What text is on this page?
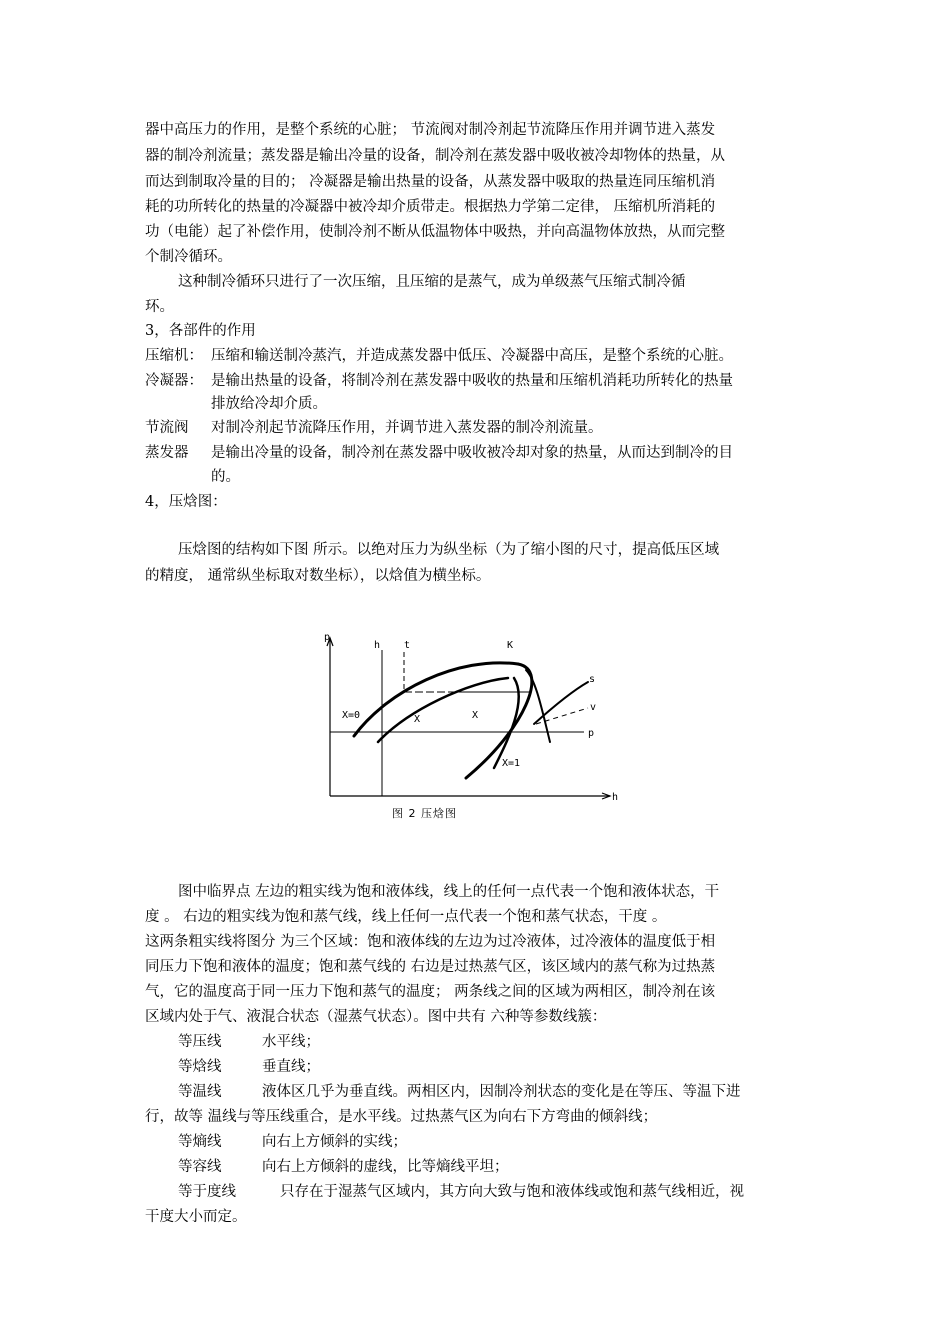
器中高压力的作用，是整个系统的心脏； 节流阀对制冷剂起节流降压作用并调节进入蒸发
器的制冷剂流量；蒸发器是输出冷量的设备，制冷剂在蒸发器中吸收被冷却物体的热量，从
而达到制取冷量的目的； 冷凝器是输出热量的设备，从蒸发器中吸取的热量连同压缩机消
耗的功所转化的热量的冷凝器中被冷却介质带走。根据热力学第二定律， 压缩机所消耗的
功（电能）起了补偿作用，使制冷剂不断从低温物体中吸热，并向高温物体放热，从而完整
个制冷循环。
这种制冷循环只进行了一次压缩，且压缩的是蒸气，成为单级蒸气压缩式制冷循
环。
3，各部件的作用
压缩机： 压缩和输送制冷蒸汽，并造成蒸发器中低压、冷凝器中高压，是整个系统的心脏。
冷凝器： 是输出热量的设备，将制冷剂在蒸发器中吸收的热量和压缩机消耗功所转化的热量
排放给冷却介质。
节流阀 对制冷剂起节流降压作用，并调节进入蒸发器的制冷剂流量。
蒸发器 是输出冷量的设备，制冷剂在蒸发器中吸收被冷却对象的热量，从而达到制冷的目
的。
4，压焓图：
压焓图的结构如下图 所示。以绝对压力为纵坐标（为了缩小图的尺寸，提高低压区域
的精度， 通常纵坐标取对数坐标），以焓值为横坐标。
p
h
h t	K
s
v
p
X=0
X=1
X	X
图 2 压焓图
图中临界点 左边的粗实线为饱和液体线，线上的任何一点代表一个饱和液体状态，干
度 。 右边的粗实线为饱和蒸气线，线上任何一点代表一个饱和蒸气状态，干度 。
这两条粗实线将图分 为三个区域：饱和液体线的左边为过冷液体，过冷液体的温度低于相
同压力下饱和液体的温度；饱和蒸气线的 右边是过热蒸气区，该区域内的蒸气称为过热蒸
气，它的温度高于同一压力下饱和蒸气的温度； 两条线之间的区域为两相区，制冷剂在该
区域内处于气、液混合状态（湿蒸气状态）。图中共有 六种等参数线簇：
等压线	水平线；
等焓线	垂直线；
等温线	液体区几乎为垂直线。两相区内，因制冷剂状态的变化是在等压、等温下进
行，故等 温线与等压线重合，是水平线。过热蒸气区为向右下方弯曲的倾斜线；
等熵线	向右上方倾斜的实线；
等容线	向右上方倾斜的虚线，比等熵线平坦；
等于度线	只存在于湿蒸气区域内，其方向大致与饱和液体线或饱和蒸气线相近，视
干度大小而定。
